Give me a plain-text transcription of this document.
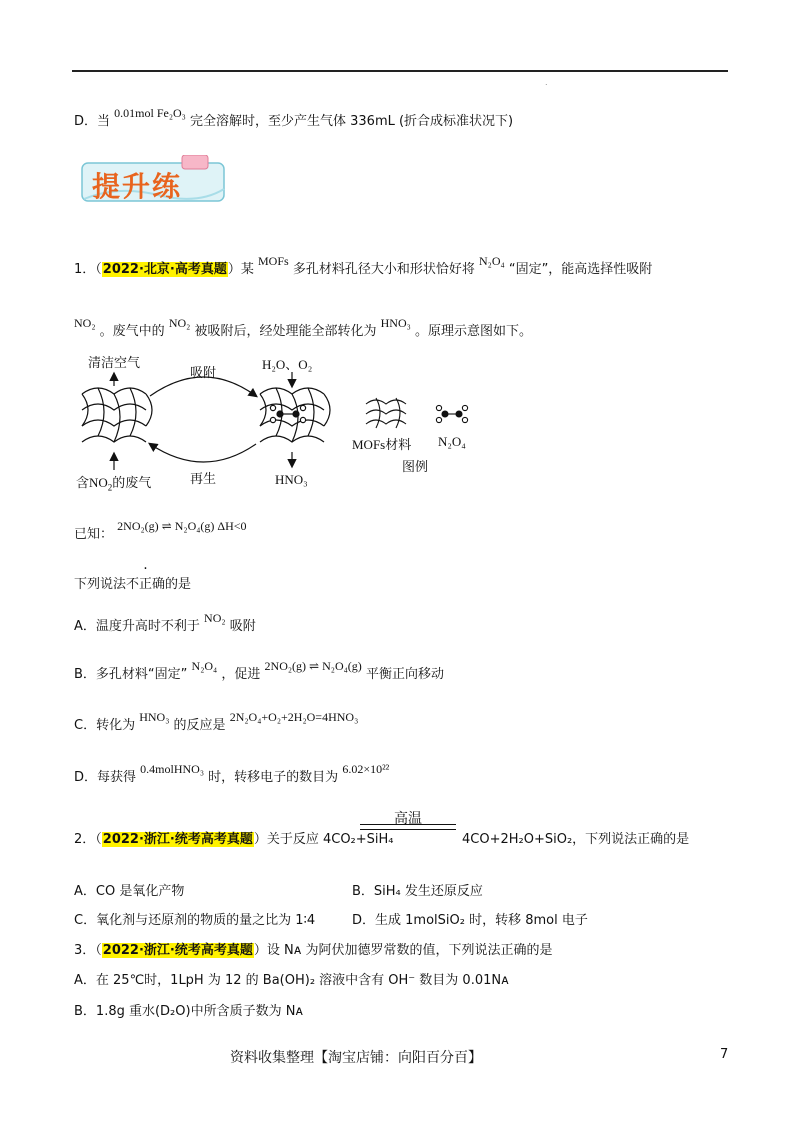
.
D．当 0.01mol Fe₂O₃ 完全溶解时，至少产生气体 336mL (折合成标准状况下)
提升练
1．（2022·北京·高考真题）某 MOFs 多孔材料孔径大小和形状恰好将 N₂O₄ “固定”，能高选择性吸附
NO₂ 。废气中的 NO₂ 被吸附后，经处理能全部转化为 HNO₃ 。原理示意图如下。
清洁空气
吸附
H₂O、O₂
再生	HNO₃
含$NO_2$的废气
MOFs材料 N₂O₄
图例
已知： 2NO₂(g) ⇌ N₂O₄(g) ΔH<0
下列说法不正确的是
A．温度升高时不利于 NO₂ 吸附
B．多孔材料“固定” N₂O₄ ，促进 2NO₂(g) ⇌ N₂O₄(g) 平衡正向移动
C．转化为 HNO₃ 的反应是 2N₂O₄+O₂+2H₂O=4HNO₃
D．每获得 0.4molHNO₃ 时，转移电子的数目为 6.02×10²²
2．（2022·浙江·统考高考真题）关于反应 4CO₂+SiH₄
高温
4CO+2H₂O+SiO₂，下列说法正确的是
A．CO 是氧化产物	B．SiH₄ 发生还原反应
C．氧化剂与还原剂的物质的量之比为 1∶4	D．生成 1molSiO₂ 时，转移 8mol 电子
3．（2022·浙江·统考高考真题）设 Nᴀ 为阿伏加德罗常数的值，下列说法正确的是
A．在 25℃时，1LpH 为 12 的 Ba(OH)₂ 溶液中含有 OH⁻ 数目为 0.01Nᴀ
B．1.8g 重水(D₂O)中所含质子数为 Nᴀ
资料收集整理【淘宝店铺：向阳百分百】	7
